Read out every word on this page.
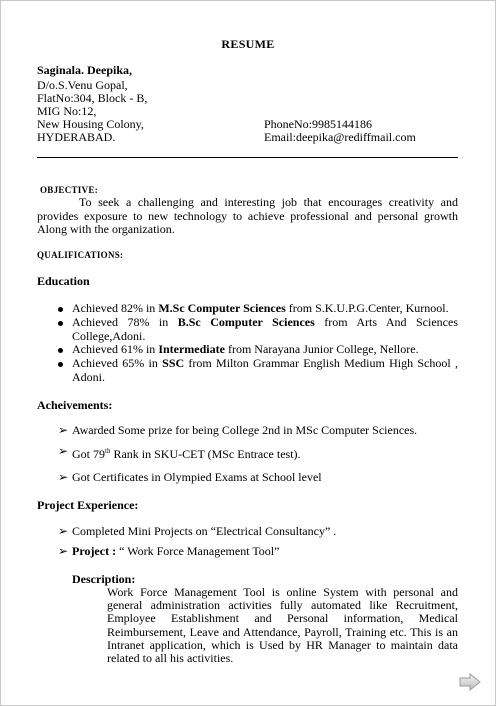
RESUME
Saginala. Deepika,
D/o.S.Venu Gopal,
FlatNo:304, Block - B,
MIG No:12,
New Housing Colony,
HYDERABAD.
PhoneNo:9985144186
Email:deepika@rediffmail.com
OBJECTIVE:
To seek a challenging and interesting job that encourages creativity and provides exposure to new technology to achieve professional and personal growth Along with the organization.
QUALIFICATIONS:
Education
Achieved 82% in M.Sc Computer Sciences from S.K.U.P.G.Center, Kurnool.
Achieved 78% in B.Sc Computer Sciences from Arts And Sciences College,Adoni.
Achieved 61% in Intermediate from Narayana Junior College, Nellore.
Achieved 65% in SSC from Milton Grammar English Medium High School , Adoni.
Acheivements:
➢ Awarded Some prize for being College 2nd in MSc Computer Sciences.
➢ Got 79th Rank in SKU-CET (MSc Entrace test).
➢ Got Certificates in Olympied Exams at School level
Project Experience:
➢ Completed Mini Projects on “Electrical Consultancy” .
➢ Project : “ Work Force Management Tool”
Description:
Work Force Management Tool is online System with personal and general administration activities fully automated like Recruitment, Employee Establishment and Personal information, Medical Reimbursement, Leave and Attendance, Payroll, Training etc. This is an Intranet application, which is Used by HR Manager to maintain data related to all his activities.
